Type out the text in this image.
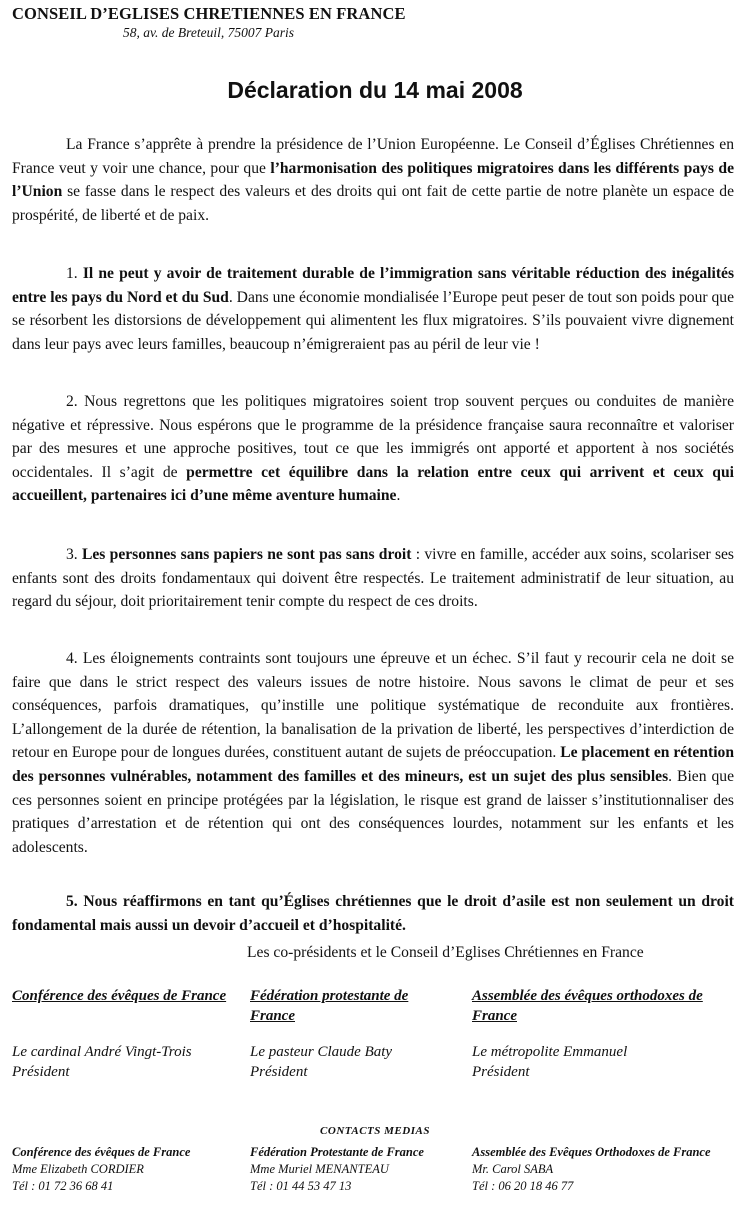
CONSEIL D’EGLISES CHRETIENNES EN FRANCE
58, av. de Breteuil, 75007 Paris
Déclaration du 14 mai 2008
La France s’apprête à prendre la présidence de l’Union Européenne. Le Conseil d’Églises Chrétiennes en France veut y voir une chance, pour que l’harmonisation des politiques migratoires dans les différents pays de l’Union se fasse dans le respect des valeurs et des droits qui ont fait de cette partie de notre planète un espace de prospérité, de liberté et de paix.
1. Il ne peut y avoir de traitement durable de l’immigration sans véritable réduction des inégalités entre les pays du Nord et du Sud. Dans une économie mondialisée l’Europe peut peser de tout son poids pour que se résorbent les distorsions de développement qui alimentent les flux migratoires. S’ils pouvaient vivre dignement dans leur pays avec leurs familles, beaucoup n’émigreraient pas au péril de leur vie !
2. Nous regrettons que les politiques migratoires soient trop souvent perçues ou conduites de manière négative et répressive. Nous espérons que le programme de la présidence française saura reconnaître et valoriser par des mesures et une approche positives, tout ce que les immigrés ont apporté et apportent à nos sociétés occidentales. Il s’agit de permettre cet équilibre dans la relation entre ceux qui arrivent et ceux qui accueillent, partenaires ici d’une même aventure humaine.
3. Les personnes sans papiers ne sont pas sans droit : vivre en famille, accéder aux soins, scolariser ses enfants sont des droits fondamentaux qui doivent être respectés. Le traitement administratif de leur situation, au regard du séjour, doit prioritairement tenir compte du respect de ces droits.
4. Les éloignements contraints sont toujours une épreuve et un échec. S’il faut y recourir cela ne doit se faire que dans le strict respect des valeurs issues de notre histoire. Nous savons le climat de peur et ses conséquences, parfois dramatiques, qu’instille une politique systématique de reconduite aux frontières. L’allongement de la durée de rétention, la banalisation de la privation de liberté, les perspectives d’interdiction de retour en Europe pour de longues durées, constituent autant de sujets de préoccupation. Le placement en rétention des personnes vulnérables, notamment des familles et des mineurs, est un sujet des plus sensibles. Bien que ces personnes soient en principe protégées par la législation, le risque est grand de laisser s’institutionnaliser des pratiques d’arrestation et de rétention qui ont des conséquences lourdes, notamment sur les enfants et les adolescents.
5. Nous réaffirmons en tant qu’Églises chrétiennes que le droit d’asile est non seulement un droit fondamental mais aussi un devoir d’accueil et d’hospitalité.
Les co-présidents et le Conseil d’Eglises Chrétiennes en France
Conférence des évêques de France Fédération protestante de France
Assemblée des évêques orthodoxes de France
Le cardinal André Vingt-Trois
Président
Le pasteur Claude Baty
Président
Le métropolite Emmanuel
Président
CONTACTS MEDIAS
Conférence des évêques de France
Mme Elizabeth CORDIER
Tél : 01 72 36 68 41
Fédération Protestante de France
Mme Muriel MENANTEAU
Tél : 01 44 53 47 13
Assemblée des Evêques Orthodoxes de France
Mr. Carol SABA
Tél : 06 20 18 46 77
